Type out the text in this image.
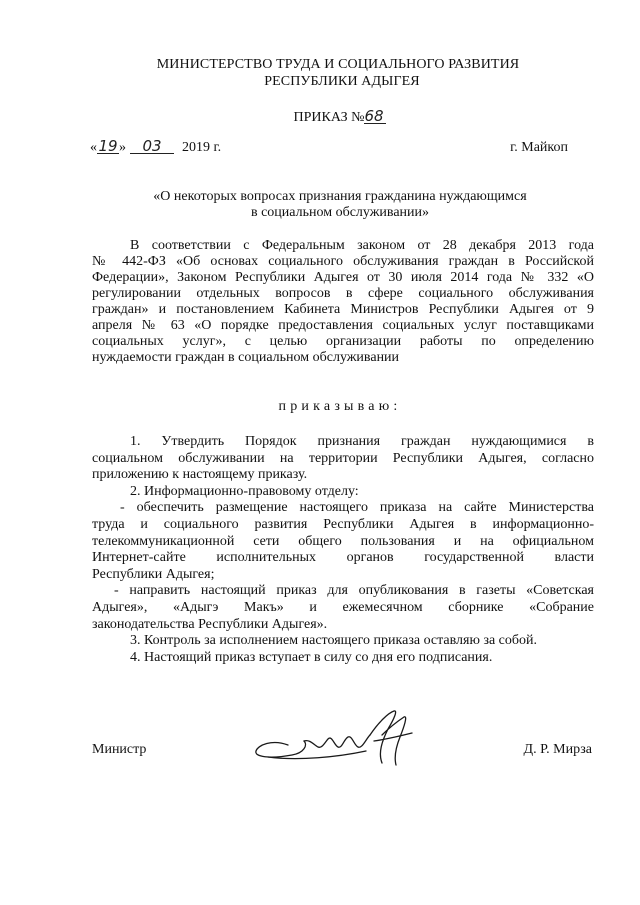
МИНИСТЕРСТВО ТРУДА И СОЦИАЛЬНОГО РАЗВИТИЯ
РЕСПУБЛИКИ АДЫГЕЯ
ПРИКАЗ №68
«19» 03 2019 г.	г. Майкоп
«О некоторых вопросах признания гражданина нуждающимся
в социальном обслуживании»
В соответствии с Федеральным законом от 28 декабря 2013 года
№ 442-ФЗ «Об основах социального обслуживания граждан в Российской
Федерации», Законом Республики Адыгея от 30 июля 2014 года № 332 «О
регулировании отдельных вопросов в сфере социального обслуживания
граждан» и постановлением Кабинета Министров Республики Адыгея от 9
апреля № 63 «О порядке предоставления социальных услуг поставщиками
социальных услуг», с целью организации работы по определению
нуждаемости граждан в социальном обслуживании
приказываю:
1. Утвердить Порядок признания граждан нуждающимися в
социальном обслуживании на территории Республики Адыгея, согласно
приложению к настоящему приказу.
2. Информационно-правовому отделу:
- обеспечить размещение настоящего приказа на сайте Министерства
труда и социального развития Республики Адыгея в информационно-
телекоммуникационной сети общего пользования и на официальном
Интернет-сайте исполнительных органов государственной власти
Республики Адыгея;
- направить настоящий приказ для опубликования в газеты «Советская
Адыгея», «Адыгэ Макъ» и ежемесячном сборнике «Собрание
законодательства Республики Адыгея».
3. Контроль за исполнением настоящего приказа оставляю за собой.
4. Настоящий приказ вступает в силу со дня его подписания.
Министр	Д. Р. Мирза
